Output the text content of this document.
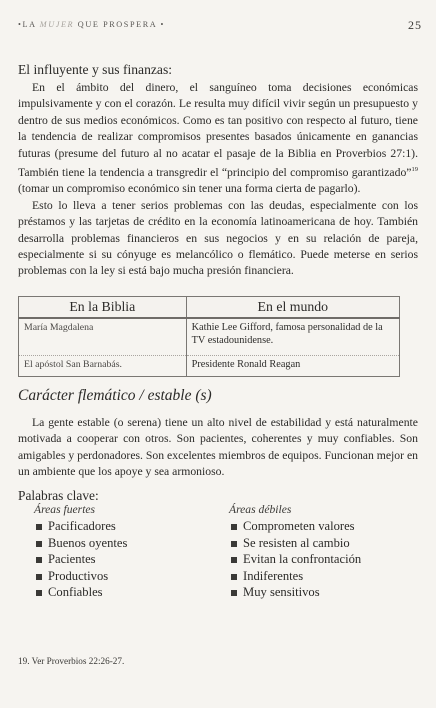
•LA MUJER QUE PROSPERA •	25
El influyente y sus finanzas:

En el ámbito del dinero, el sanguíneo toma decisiones económicas impulsivamente y con el corazón. Le resulta muy difícil vivir según un presupuesto y dentro de sus medios económicos. Como es tan positivo con respecto al futuro, tiene la tendencia de realizar compromisos presentes basados únicamente en ganancias futuras (presume del futuro al no acatar el pasaje de la Biblia en Proverbios 27:1). También tiene la tendencia a transgredir el “principio del compromiso garantizado”$^{19}$ (tomar un compromiso económico sin tener una forma cierta de pagarlo).

Esto lo lleva a tener serios problemas con las deudas, especialmente con los préstamos y las tarjetas de crédito en la economía latinoamericana de hoy. También desarrolla problemas financieros en sus negocios y en su relación de pareja, especialmente si su cónyuge es melancólico o flemático. Puede meterse en serios problemas con la ley si está bajo mucha presión financiera.

En la Biblia	En el mundo
María Magdalena	Kathie Lee Gifford, famosa personalidad de la TV estadounidense.
El apóstol San Barnabás.	Presidente Ronald Reagan
Carácter flemático / estable (s)

La gente estable (o serena) tiene un alto nivel de estabilidad y está naturalmente motivada a cooperar con otros. Son pacientes, coherentes y muy confiables. Son amigables y perdonadores. Son excelentes miembros de equipos. Funcionan mejor en un ambiente que los apoye y sea armonioso.

Palabras clave:
Áreas fuertes
Pacificadores
Buenos oyentes
Pacientes
Productivos
Confiables
Áreas débiles
Comprometen valores
Se resisten al cambio
Evitan la confrontación
Indiferentes
Muy sensitivos
19. Ver Proverbios 22:26-27.
